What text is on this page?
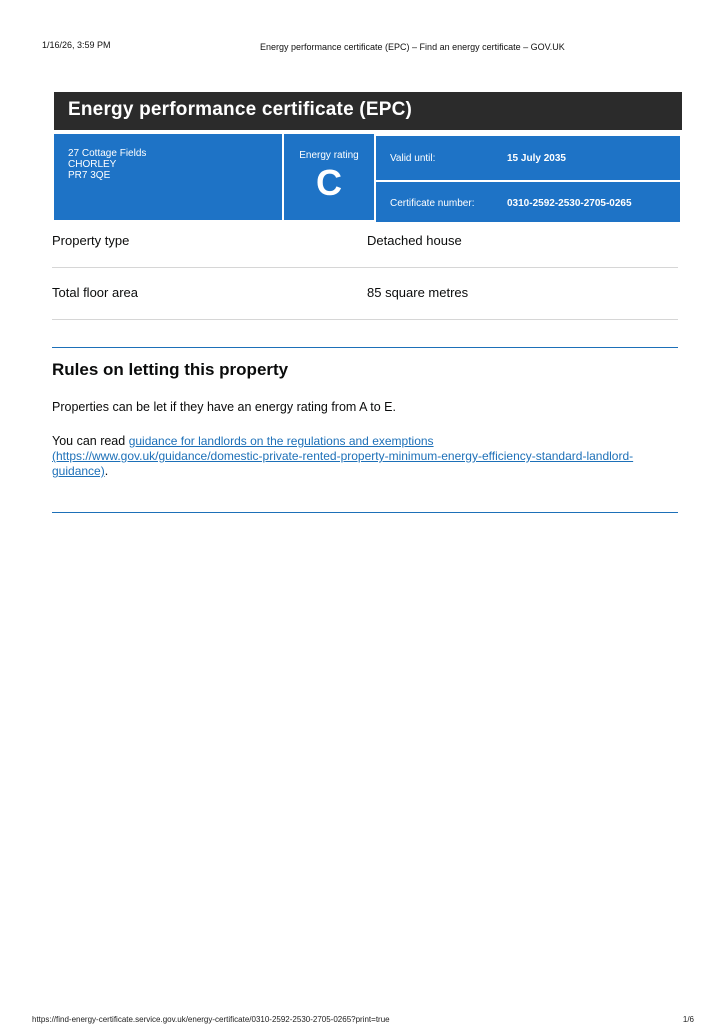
1/16/26, 3:59 PM	Energy performance certificate (EPC) – Find an energy certificate – GOV.UK
Energy performance certificate (EPC)
27 Cottage Fields
CHORLEY
PR7 3QE
Energy rating
C
Valid until:	15 July 2035
Certificate number:	0310-2592-2530-2705-0265
Property type	Detached house
Total floor area	85 square metres
Rules on letting this property
Properties can be let if they have an energy rating from A to E.
You can read guidance for landlords on the regulations and exemptions
(https://www.gov.uk/guidance/domestic-private-rented-property-minimum-energy-efficiency-standard-landlord-
guidance).
https://find-energy-certificate.service.gov.uk/energy-certificate/0310-2592-2530-2705-0265?print=true	1/6
